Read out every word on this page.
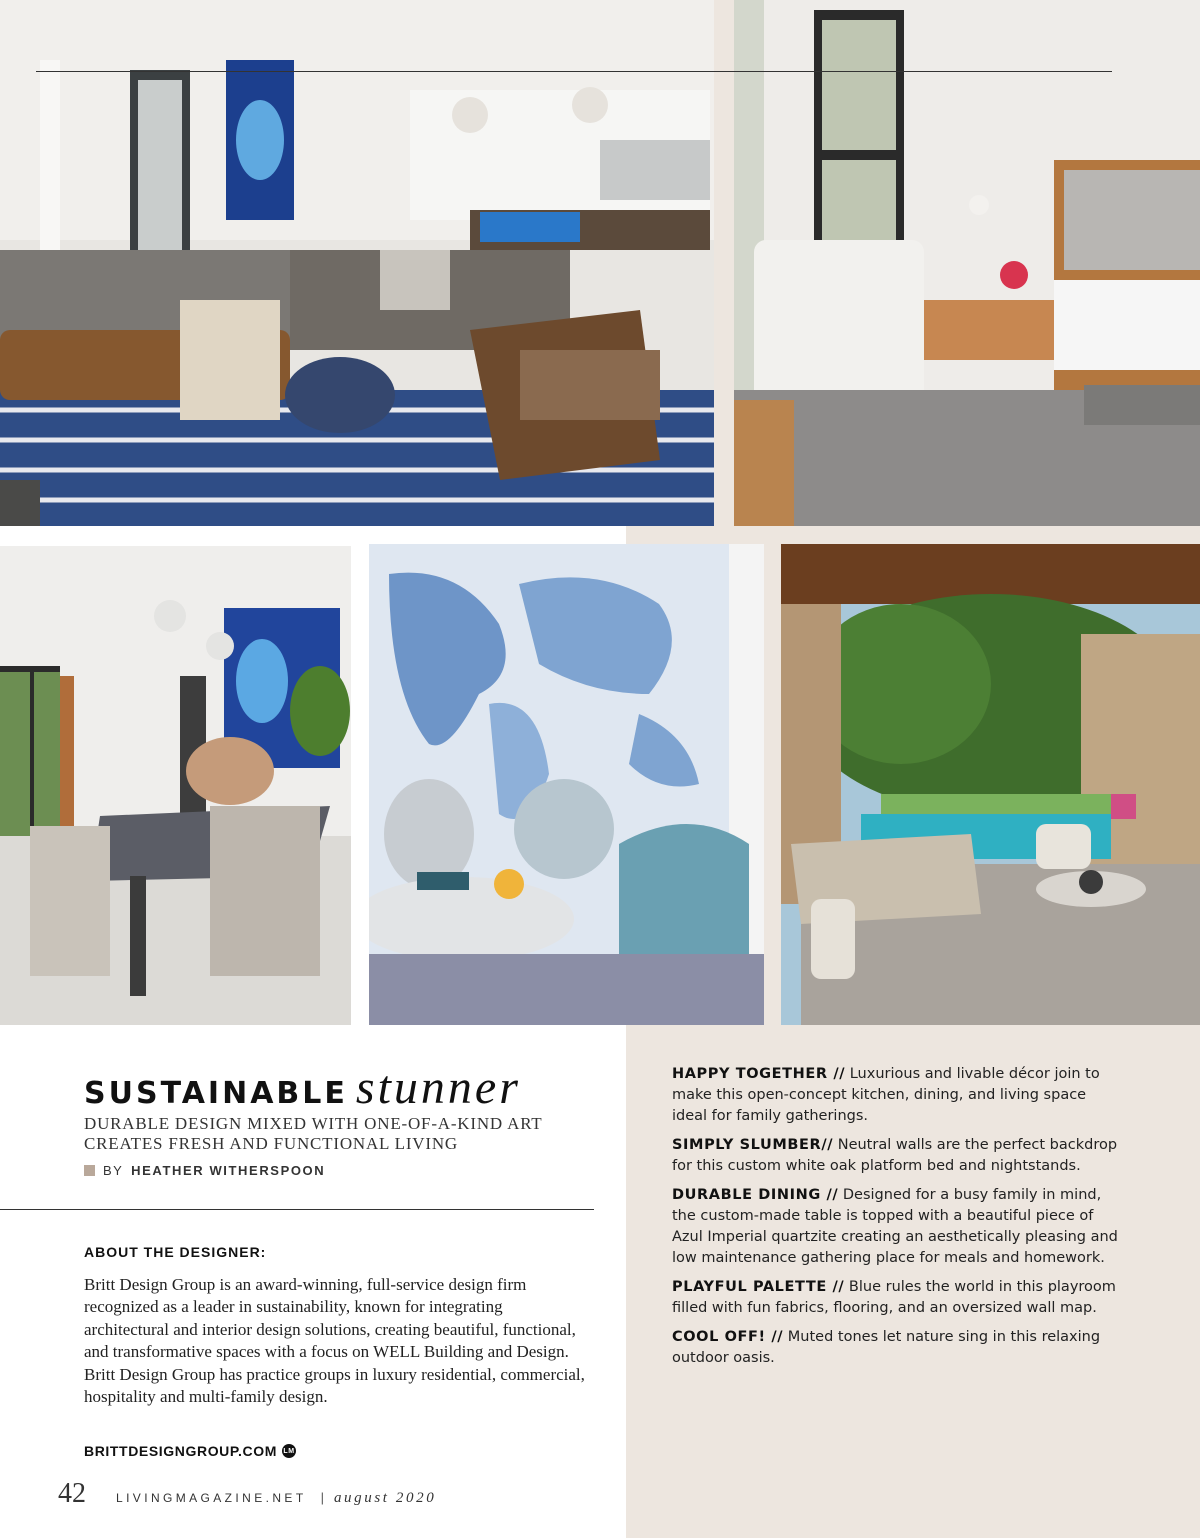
SUSTAINABLE stunner
DURABLE DESIGN MIXED WITH ONE-OF-A-KIND ART CREATES FRESH AND FUNCTIONAL LIVING
BY HEATHER WITHERSPOON
ABOUT THE DESIGNER:
Britt Design Group is an award-winning, full-service design firm recognized as a leader in sustainability, known for integrating architectural and interior design solutions, creating beautiful, functional, and transformative spaces with a focus on WELL Building and Design. Britt Design Group has practice groups in luxury residential, commercial, hospitality and multi-family design.
BRITTDESIGNGROUP.COM LM

HAPPY TOGETHER // Luxurious and livable décor join to make this open-concept kitchen, dining, and living space ideal for family gatherings.

SIMPLY SLUMBER// Neutral walls are the perfect backdrop for this custom white oak platform bed and nightstands.

DURABLE DINING // Designed for a busy family in mind, the custom-made table is topped with a beautiful piece of Azul Imperial quartzite creating an aesthetically pleasing and low maintenance gathering place for meals and homework.

PLAYFUL PALETTE // Blue rules the world in this playroom filled with fun fabrics, flooring, and an oversized wall map.

COOL OFF! // Muted tones let nature sing in this relaxing outdoor oasis.

42	LIVINGMAGAZINE.NET | august 2020
